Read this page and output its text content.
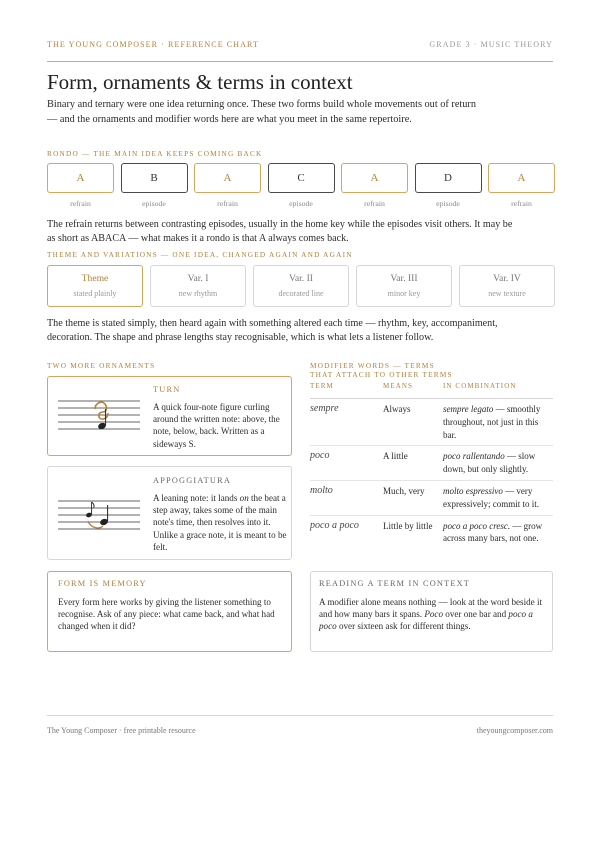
THE YOUNG COMPOSER · REFERENCE CHART	GRADE 3 · MUSIC THEORY
Form, ornaments & terms in context

Binary and ternary were one idea returning once. These two forms build whole movements out of return — and the ornaments and modifier words here are what you meet in the same repertoire.

RONDO — THE MAIN IDEA KEEPS COMING BACK
A
refrain
B
episode
A
refrain
C
episode
A
refrain
D
episode
A
refrain

The refrain returns between contrasting episodes, usually in the home key while the episodes visit others. It may be as short as ABACA — what makes it a rondo is that A always comes back.

THEME AND VARIATIONS — ONE IDEA, CHANGED AGAIN AND AGAIN
Theme
stated plainly
Var. I
new rhythm
Var. II
decorated line
Var. III
minor key
Var. IV
new texture

The theme is stated simply, then heard again with something altered each time — rhythm, key, accompaniment, decoration. The shape and phrase lengths stay recognisable, which is what lets a listener follow.

TWO MORE ORNAMENTS
TURN
A quick four-note figure curling around the written note: above, the note, below, back. Written as a sideways S.
APPOGGIATURA
A leaning note: it lands on the beat a step away, takes some of the main note's time, then resolves into it. Unlike a grace note, it is meant to be felt.
FORM IS MEMORY
Every form here works by giving the listener something to recognise. Ask of any piece: what came back, and what had changed when it did?
MODIFIER WORDS — TERMS
THAT ATTACH TO OTHER TERMS
TERM	MEANS	IN COMBINATION
sempre	Always	sempre legato — smoothly throughout, not just in this bar.
poco	A little	poco rallentando — slow down, but only slightly.
molto	Much, very	molto espressivo — very expressively; commit to it.
poco a poco	Little by little	poco a poco cresc. — grow across many bars, not one.
READING A TERM IN CONTEXT
A modifier alone means nothing — look at the word beside it and how many bars it spans. Poco over one bar and poco a poco over sixteen ask for different things.
The Young Composer · free printable resource	theyoungcomposer.com
